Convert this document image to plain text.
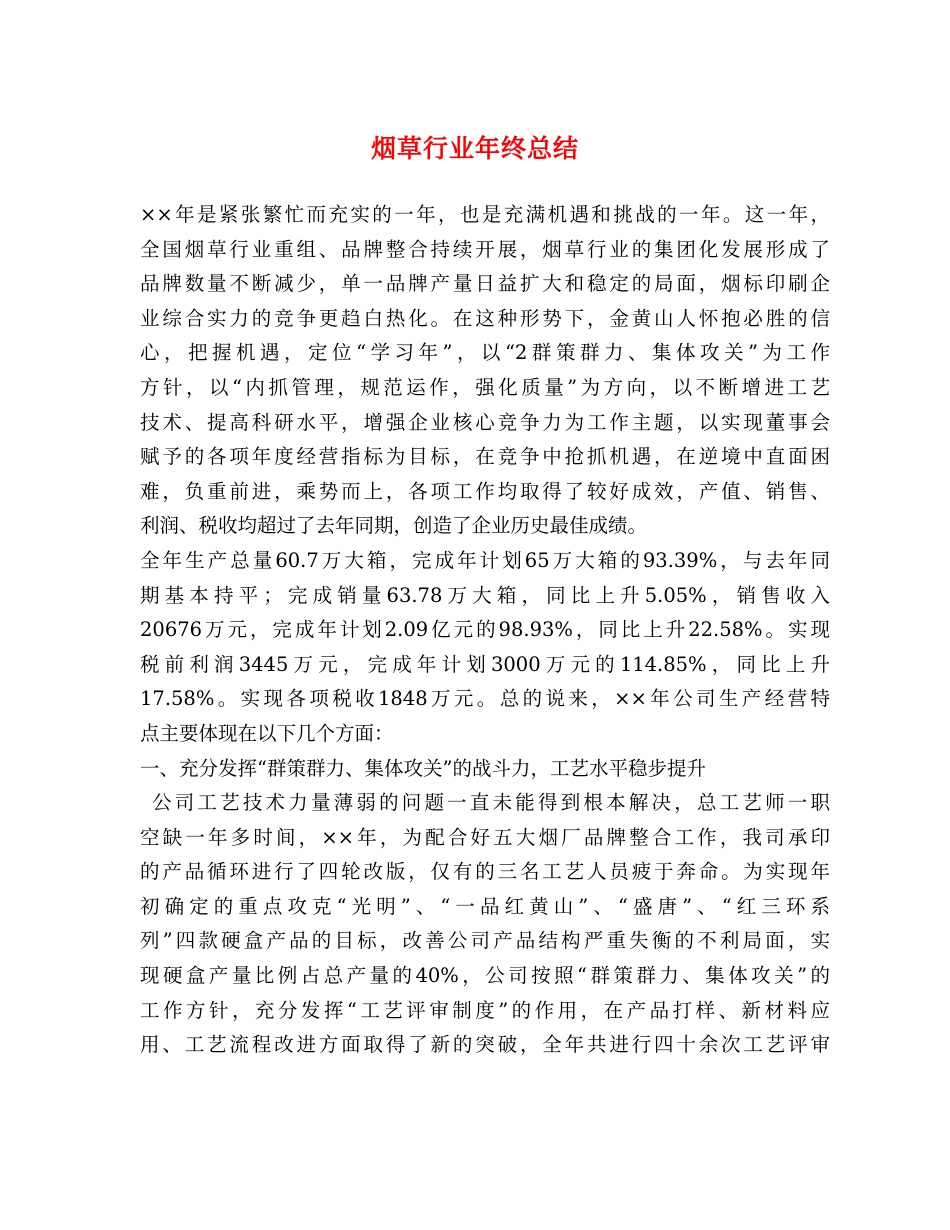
烟草行业年终总结
××年是紧张繁忙而充实的一年，也是充满机遇和挑战的一年。这一年，
全国烟草行业重组、品牌整合持续开展，烟草行业的集团化发展形成了
品牌数量不断减少，单一品牌产量日益扩大和稳定的局面，烟标印刷企
业综合实力的竞争更趋白热化。在这种形势下，金黄山人怀抱必胜的信
心，把握机遇，定位“学习年”，以“2群策群力、集体攻关”为工作
方针，以“内抓管理，规范运作，强化质量”为方向，以不断增进工艺
技术、提高科研水平，增强企业核心竞争力为工作主题，以实现董事会
赋予的各项年度经营指标为目标，在竞争中抢抓机遇，在逆境中直面困
难，负重前进，乘势而上，各项工作均取得了较好成效，产值、销售、
利润、税收均超过了去年同期，创造了企业历史最佳成绩。
全年生产总量60.7万大箱，完成年计划65万大箱的93.39%，与去年同
期基本持平；完成销量63.78万大箱，同比上升5.05%，销售收入
20676万元，完成年计划2.09亿元的98.93%，同比上升22.58%。实现
税前利润3445万元，完成年计划3000万元的114.85%，同比上升
17.58%。实现各项税收1848万元。总的说来，××年公司生产经营特
点主要体现在以下几个方面：
一、充分发挥“群策群力、集体攻关”的战斗力，工艺水平稳步提升
公司工艺技术力量薄弱的问题一直未能得到根本解决，总工艺师一职
空缺一年多时间，××年，为配合好五大烟厂品牌整合工作，我司承印
的产品循环进行了四轮改版，仅有的三名工艺人员疲于奔命。为实现年
初确定的重点攻克“光明”、“一品红黄山”、“盛唐”、“红三环系
列”四款硬盒产品的目标，改善公司产品结构严重失衡的不利局面，实
现硬盒产量比例占总产量的40%，公司按照“群策群力、集体攻关”的
工作方针，充分发挥“工艺评审制度”的作用，在产品打样、新材料应
用、工艺流程改进方面取得了新的突破，全年共进行四十余次工艺评审
